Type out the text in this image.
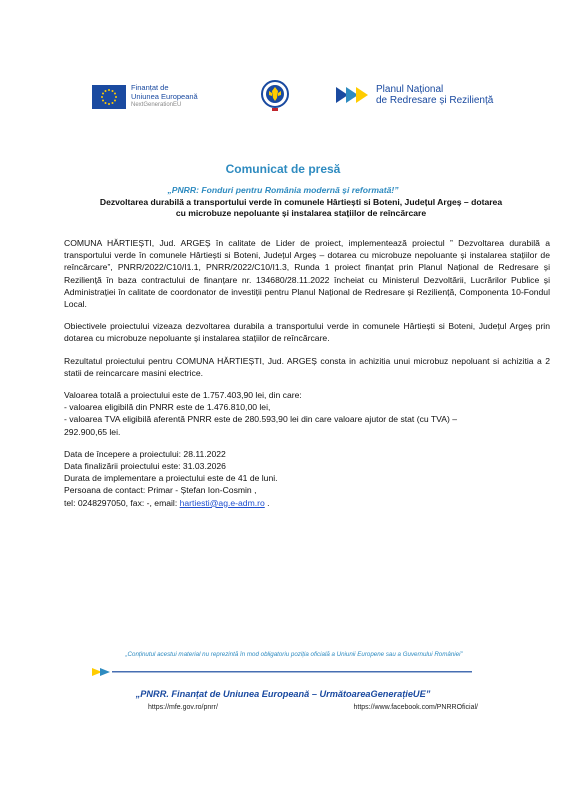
Finanțat de
Uniunea Europeană
NextGenerationEU
Planul Național
de Redresare și Reziliență
Comunicat de presă
„PNRR: Fonduri pentru România modernă și reformată!”
Dezvoltarea durabilă a transportului verde în comunele Hârtiești si Boteni, Județul Argeș – dotarea
cu microbuze nepoluante și instalarea stațiilor de reîncărcare

COMUNA HĂRTIEȘTI, Jud. ARGEȘ în calitate de Lider de proiect, implementează proiectul ” Dezvoltarea durabilă a transportului verde în comunele Hârtiești si Boteni, Județul Argeș – dotarea cu microbuze nepoluante și instalarea stațiilor de reîncărcare”, PNRR/2022/C10/I1.1, PNRR/2022/C10/I1.3, Runda 1 proiect finanțat prin Planul Național de Redresare și Reziliență în baza contractului de finanțare nr. 134680/28.11.2022 încheiat cu Ministerul Dezvoltării, Lucrărilor Publice și Administrației în calitate de coordonator de investiții pentru Planul Național de Redresare și Reziliență, Componenta 10-Fondul Local.

Obiectivele proiectului vizeaza dezvoltarea durabila a transportului verde in comunele Hârtiești si Boteni, Județul Argeș prin dotarea cu microbuze nepoluante și instalarea stațiilor de reîncărcare.

Rezultatul proiectului pentru COMUNA HĂRTIEȘTI, Jud. ARGEȘ consta in achizitia unui microbuz nepoluant si achizitia a 2 statii de reincarcare masini electrice.

Valoarea totală a proiectului este de 1.757.403,90 lei, din care:
- valoarea eligibilă din PNRR este de 1.476.810,00 lei,
- valoarea TVA eligibilă aferentă PNRR este de 280.593,90 lei din care valoare ajutor de stat (cu TVA) –
292.900,65 lei.
Data de începere a proiectului: 28.11.2022
Data finalizării proiectului este: 31.03.2026
Durata de implementare a proiectului este de 41 de luni.
Persoana de contact: Primar - Ștefan Ion-Cosmin ,
tel: 0248297050, fax: -, email: hartiesti@ag.e-adm.ro .
„Conținutul acestui material nu reprezintă în mod obligatoriu poziția oficială a Uniunii Europene sau a Guvernului României”
„PNRR. Finanțat de Uniunea Europeană – UrmătoareaGenerațieUE”
https://mfe.gov.ro/pnrr/	https://www.facebook.com/PNRROficial/
